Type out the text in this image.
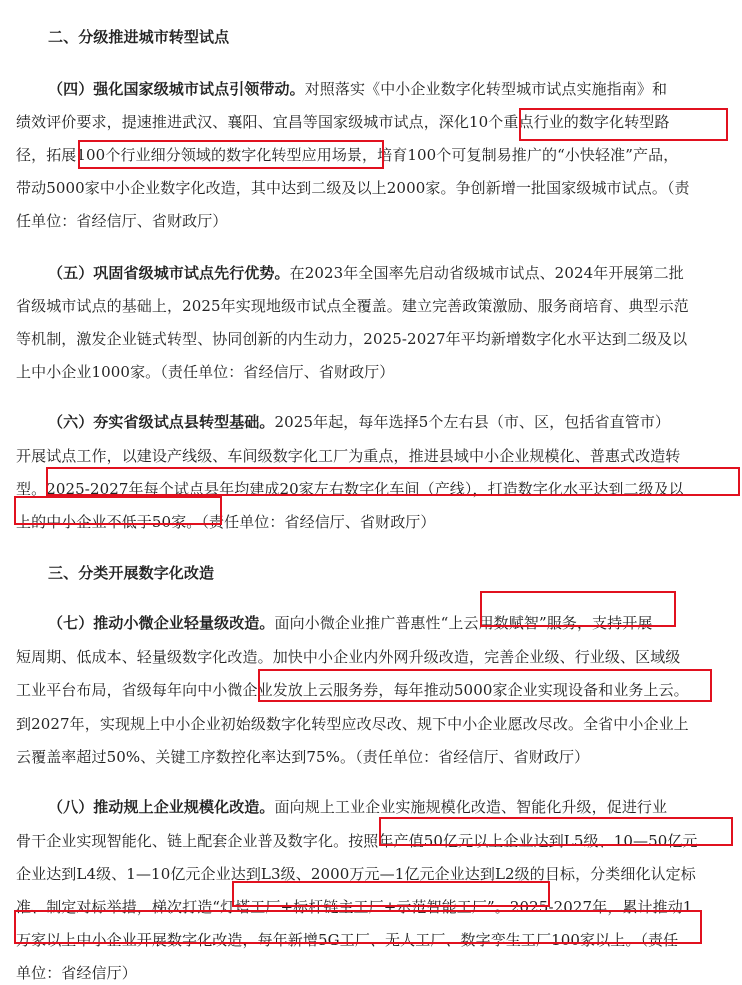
二、分级推进城市转型试点
（四）强化国家级城市试点引领带动。对照落实《中小企业数字化转型城市试点实施指南》和
绩效评价要求，提速推进武汉、襄阳、宜昌等国家级城市试点，深化10个重点行业的数字化转型路
径，拓展100个行业细分领域的数字化转型应用场景，培育100个可复制易推广的“小快轻准”产品，
带动5000家中小企业数字化改造，其中达到二级及以上2000家。争创新增一批国家级城市试点。（责
任单位：省经信厅、省财政厅）
（五）巩固省级城市试点先行优势。在2023年全国率先启动省级城市试点、2024年开展第二批
省级城市试点的基础上，2025年实现地级市试点全覆盖。建立完善政策激励、服务商培育、典型示范
等机制，激发企业链式转型、协同创新的内生动力，2025-2027年平均新增数字化水平达到二级及以
上中小企业1000家。（责任单位：省经信厅、省财政厅）
（六）夯实省级试点县转型基础。2025年起，每年选择5个左右县（市、区，包括省直管市）
开展试点工作，以建设产线级、车间级数字化工厂为重点，推进县域中小企业规模化、普惠式改造转
型。2025-2027年每个试点县年均建成20家左右数字化车间（产线），打造数字化水平达到二级及以
上的中小企业不低于50家。（责任单位：省经信厅、省财政厅）
三、分类开展数字化改造
（七）推动小微企业轻量级改造。面向小微企业推广普惠性“上云用数赋智”服务，支持开展
短周期、低成本、轻量级数字化改造。加快中小企业内外网升级改造，完善企业级、行业级、区域级
工业平台布局，省级每年向中小微企业发放上云服务券，每年推动5000家企业实现设备和业务上云。
到2027年，实现规上中小企业初始级数字化转型应改尽改、规下中小企业愿改尽改。全省中小企业上
云覆盖率超过50%、关键工序数控化率达到75%。（责任单位：省经信厅、省财政厅）
（八）推动规上企业规模化改造。面向规上工业企业实施规模化改造、智能化升级，促进行业
骨干企业实现智能化、链上配套企业普及数字化。按照年产值50亿元以上企业达到L5级、10—50亿元
企业达到L4级、1—10亿元企业达到L3级、2000万元—1亿元企业达到L2级的目标，分类细化认定标
准、制定对标举措，梯次打造“灯塔工厂+标杆链主工厂+示范智能工厂”。2025-2027年，累计推动1
万家以上中小企业开展数字化改造，每年新增5G工厂、无人工厂、数字孪生工厂100家以上。（责任
单位：省经信厅）
